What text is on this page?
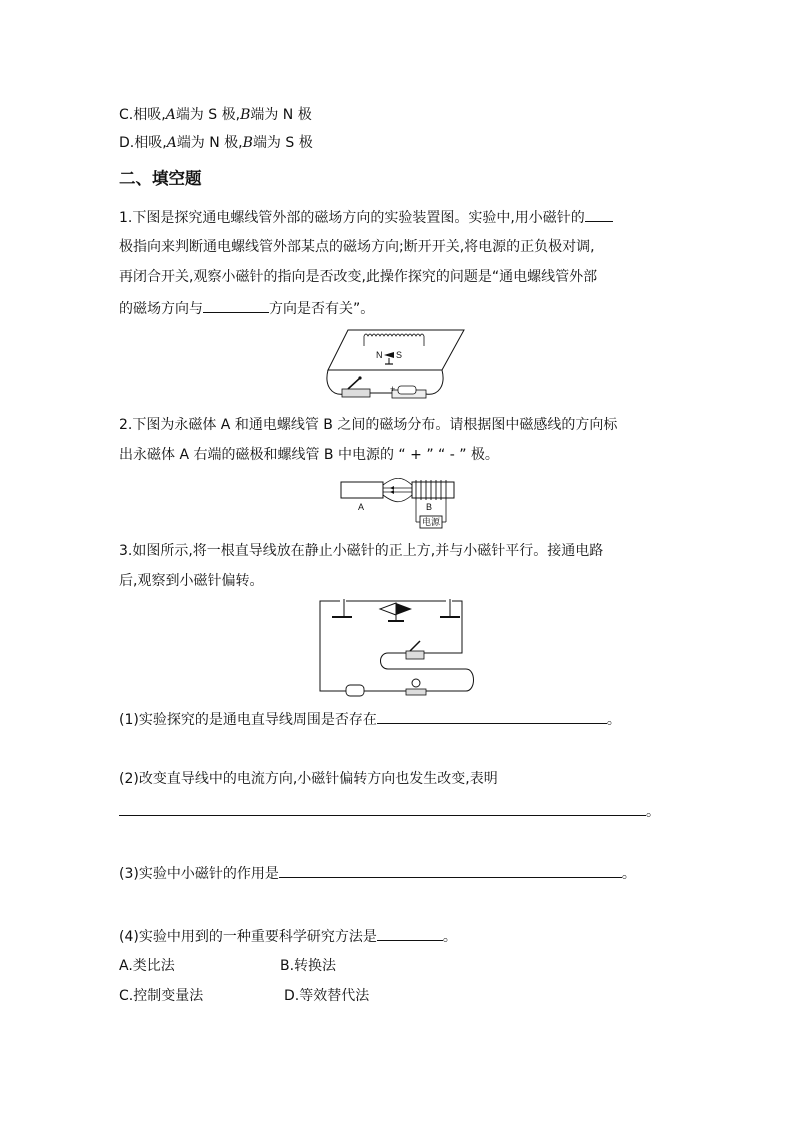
C.相吸,A端为 S 极,B端为 N 极
D.相吸,A端为 N 极,B端为 S 极
二、填空题
1.下图是探究通电螺线管外部的磁场方向的实验装置图。实验中,用小磁针的
极指向来判断通电螺线管外部某点的磁场方向;断开开关,将电源的正负极对调,
再闭合开关,观察小磁针的指向是否改变,此操作探究的问题是“通电螺线管外部
的磁场方向与	方向是否有关”。
N S
+
2.下图为永磁体 A 和通电螺线管 B 之间的磁场分布。请根据图中磁感线的方向标
出永磁体 A 右端的磁极和螺线管 B 中电源的 “ + ” “ - ” 极。
A	B
电源
3.如图所示,将一根直导线放在静止小磁针的正上方,并与小磁针平行。接通电路
后,观察到小磁针偏转。
(1)实验探究的是通电直导线周围是否存在	。
(2)改变直导线中的电流方向,小磁针偏转方向也发生改变,表明
。
(3)实验中小磁针的作用是	。
(4)实验中用到的一种重要科学研究方法是	。
A.类比法	B.转换法
C.控制变量法	D.等效替代法
